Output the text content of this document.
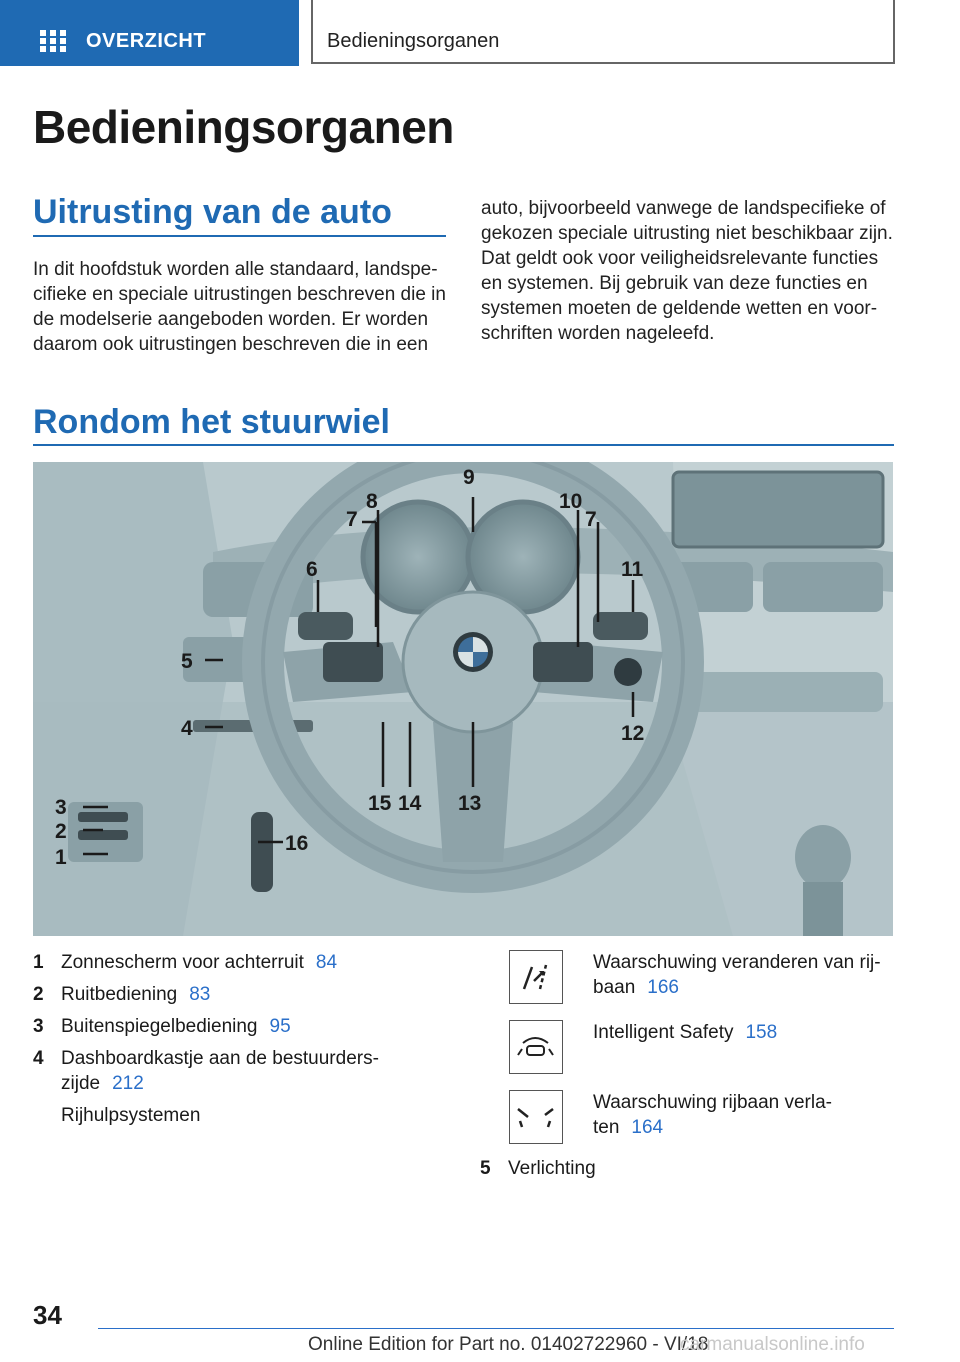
OVERZICHT	Bedieningsorganen
Bedieningsorganen
Uitrusting van de auto
In dit hoofdstuk worden alle standaard, landspe-
cifieke en speciale uitrustingen beschreven die in
de modelserie aangeboden worden. Er worden
daarom ook uitrustingen beschreven die in een
auto, bijvoorbeeld vanwege de landspecifieke of
gekozen speciale uitrusting niet beschikbaar zijn.
Dat geldt ook voor veiligheidsrelevante functies
en systemen. Bij gebruik van deze functies en
systemen moeten de geldende wetten en voor-
schriften worden nageleefd.
Rondom het stuurwiel
9
8
7
10
7
6	11
5
4	12
15 14 13
3
2
1
16
1 Zonnescherm voor achterruit 84
2 Ruitbediening 83
3 Buitenspiegelbediening 95
4 Dashboardkastje aan de bestuurders-
zijde 212
Rijhulpsystemen
Waarschuwing veranderen van rij-
baan 166
Intelligent Safety 158
Waarschuwing rijbaan verla-
ten 164
5 Verlichting
34
Online Edition for Part no. 01402722960 - VI/18
carmanualsonline.info
